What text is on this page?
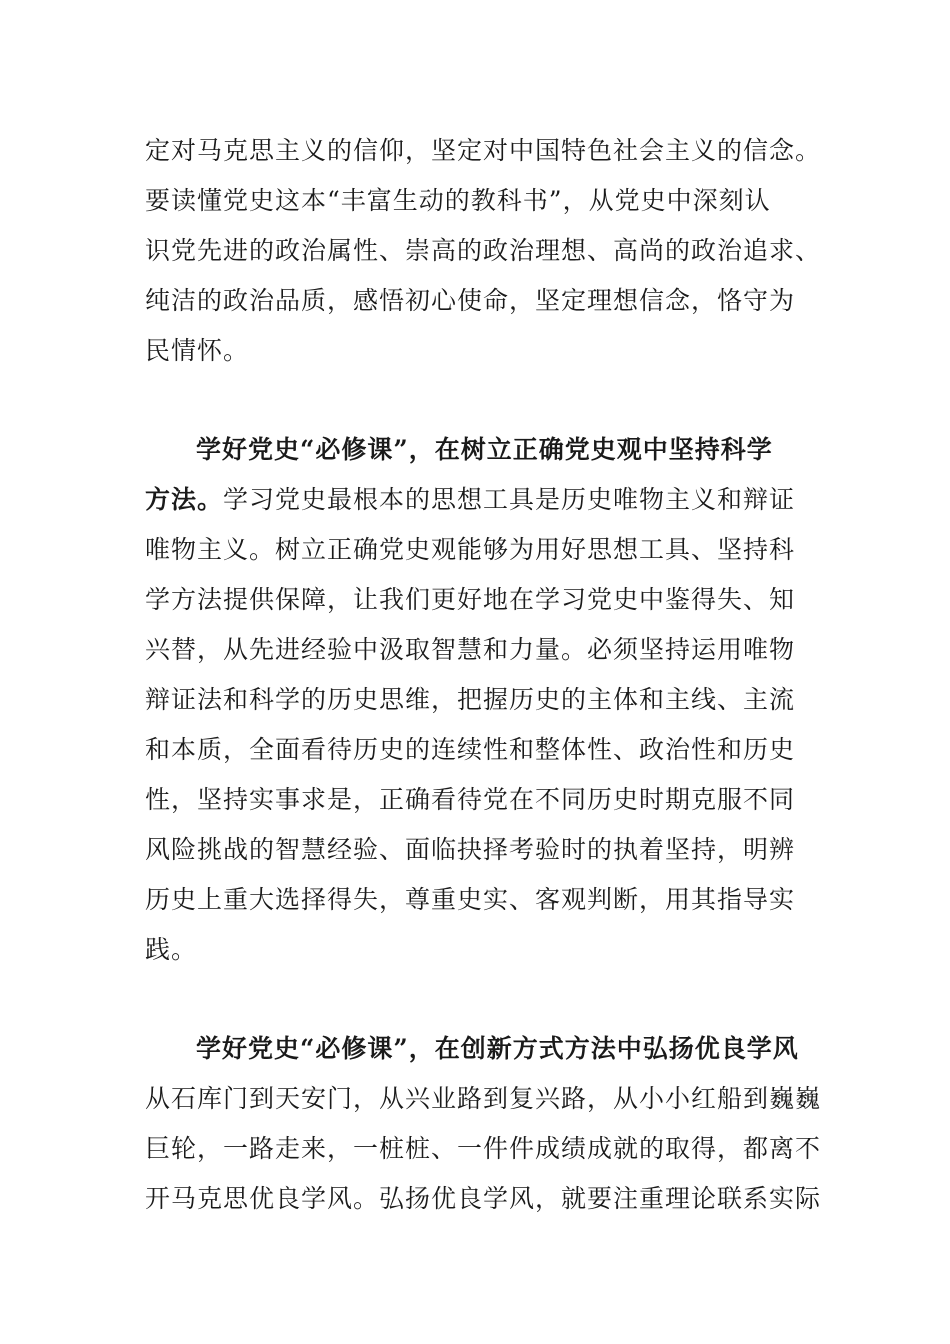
定对马克思主义的信仰，坚定对中国特色社会主义的信念。
要读懂党史这本“丰富生动的教科书”，从党史中深刻认
识党先进的政治属性、崇高的政治理想、高尚的政治追求、
纯洁的政治品质，感悟初心使命，坚定理想信念，恪守为
民情怀。
学好党史“必修课”，在树立正确党史观中坚持科学
方法。学习党史最根本的思想工具是历史唯物主义和辩证
唯物主义。树立正确党史观能够为用好思想工具、坚持科
学方法提供保障，让我们更好地在学习党史中鉴得失、知
兴替，从先进经验中汲取智慧和力量。必须坚持运用唯物
辩证法和科学的历史思维，把握历史的主体和主线、主流
和本质，全面看待历史的连续性和整体性、政治性和历史
性，坚持实事求是，正确看待党在不同历史时期克服不同
风险挑战的智慧经验、面临抉择考验时的执着坚持，明辨
历史上重大选择得失，尊重史实、客观判断，用其指导实
践。
学好党史“必修课”，在创新方式方法中弘扬优良学风
从石库门到天安门，从兴业路到复兴路，从小小红船到巍巍
巨轮，一路走来，一桩桩、一件件成绩成就的取得，都离不
开马克思优良学风。弘扬优良学风，就要注重理论联系实际
